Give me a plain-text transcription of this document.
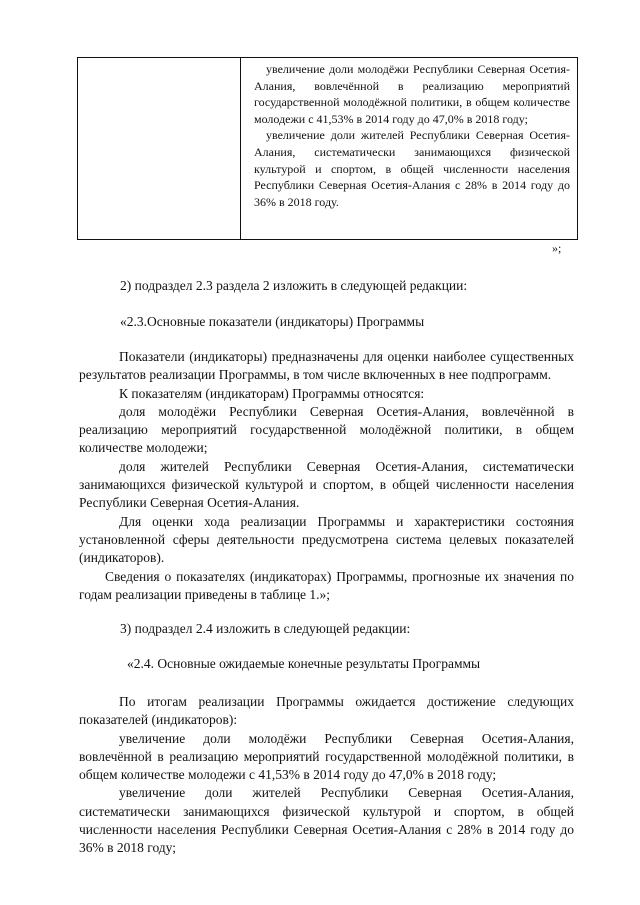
увеличение доли молодёжи Республики Северная Осетия-Алания, вовлечённой в реализацию мероприятий государственной молодёжной политики, в общем количестве молодежи с 41,53% в 2014 году до 47,0% в 2018 году;

увеличение доли жителей Республики Северная Осетия-Алания, систематически занимающихся физической культурой и спортом, в общей численности населения Республики Северная Осетия-Алания с 28% в 2014 году до 36% в 2018 году.

»;
2) подраздел 2.3 раздела 2 изложить в следующей редакции:
«2.3.Основные показатели (индикаторы) Программы

Показатели (индикаторы) предназначены для оценки наиболее существенных результатов реализации Программы, в том числе включенных в нее подпрограмм.

К показателям (индикаторам) Программы относятся:

доля молодёжи Республики Северная Осетия-Алания, вовлечённой в реализацию мероприятий государственной молодёжной политики, в общем количестве молодежи;

доля жителей Республики Северная Осетия-Алания, систематически занимающихся физической культурой и спортом, в общей численности населения Республики Северная Осетия-Алания.

Для оценки хода реализации Программы и характеристики состояния установленной сферы деятельности предусмотрена система целевых показателей (индикаторов).

Сведения о показателях (индикаторах) Программы, прогнозные их значения по годам реализации приведены в таблице 1.»;

3) подраздел 2.4 изложить в следующей редакции:
«2.4. Основные ожидаемые конечные результаты Программы

По итогам реализации Программы ожидается достижение следующих показателей (индикаторов):

увеличение доли молодёжи Республики Северная Осетия-Алания, вовлечённой в реализацию мероприятий государственной молодёжной политики, в общем количестве молодежи с 41,53% в 2014 году до 47,0% в 2018 году;

увеличение доли жителей Республики Северная Осетия-Алания, систематически занимающихся физической культурой и спортом, в общей численности населения Республики Северная Осетия-Алания с 28% в 2014 году до 36% в 2018 году;
